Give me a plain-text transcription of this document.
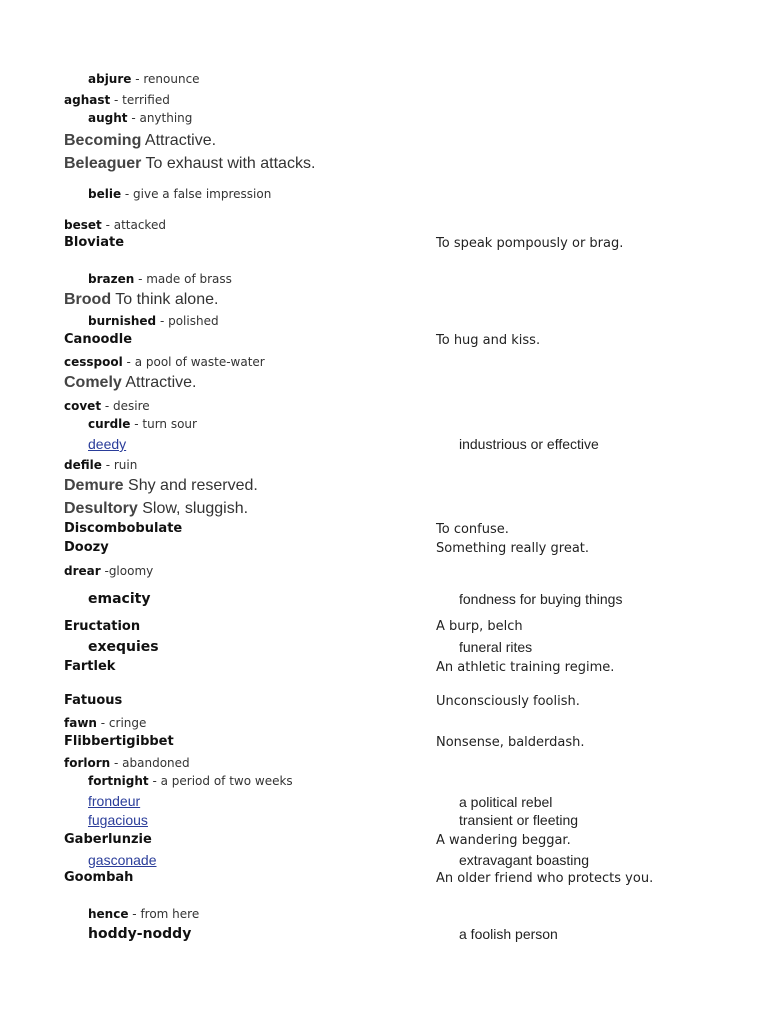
abjure - renounce
aghast - terrified
aught - anything
Becoming Attractive.
Beleaguer To exhaust with attacks.
belie - give a false impression
beset - attacked
Bloviate	To speak pompously or brag.
brazen - made of brass
Brood To think alone.
burnished - polished
Canoodle	To hug and kiss.
cesspool - a pool of waste-water
Comely Attractive.
covet - desire
curdle - turn sour
deedy	industrious or effective
defile - ruin
Demure Shy and reserved.
Desultory Slow, sluggish.
Discombobulate	To confuse.
Doozy	Something really great.
drear -gloomy
emacity	fondness for buying things
Eructation	A burp, belch
exequies	funeral rites
Fartlek	An athletic training regime.
Fatuous	Unconsciously foolish.
fawn - cringe
Flibbertigibbet	Nonsense, balderdash.
forlorn - abandoned
fortnight - a period of two weeks
frondeur	a political rebel
fugacious	transient or fleeting
Gaberlunzie	A wandering beggar.
gasconade	extravagant boasting
Goombah	An older friend who protects you.
hence - from here
hoddy-noddy	a foolish person
